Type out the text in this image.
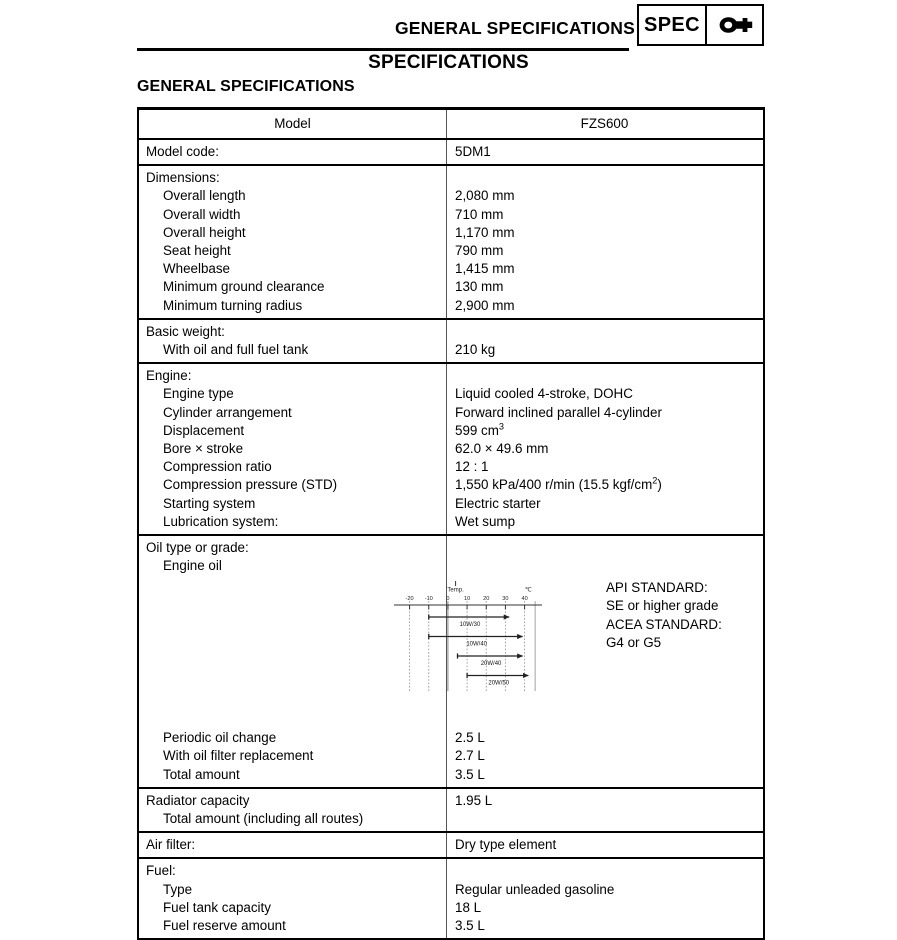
GENERAL SPECIFICATIONS SPEC
SPECIFICATIONS
GENERAL SPECIFICATIONS
Model	FZS600
Model code:	5DM1
Dimensions:
Overall length	2,080 mm
Overall width	710 mm
Overall height	1,170 mm
Seat height	790 mm
Wheelbase	1,415 mm
Minimum ground clearance	130 mm
Minimum turning radius	2,900 mm
Basic weight:
With oil and full fuel tank	210 kg
Engine:
Engine type	Liquid cooled 4-stroke, DOHC
Cylinder arrangement	Forward inclined parallel 4-cylinder
Displacement	599 $cm^3$
Bore × stroke	62.0 × 49.6 mm
Compression ratio	12 : 1
Compression pressure (STD)	1,550 kPa/400 r/min (15.5 kgf/$cm^2$)
Starting system	Electric starter
Lubrication system:	Wet sump
Oil type or grade:
Engine oil
-20 -10 0	10 20 30 40
Temp.	℃
10W/30
10W/40
20W/40
20W/50
API STANDARD:
SE or higher grade
ACEA STANDARD:
G4 or G5
Periodic oil change	2.5 L
With oil filter replacement	2.7 L
Total amount	3.5 L
Radiator capacity	1.95 L
Total amount (including all routes)
Air filter:	Dry type element
Fuel:
Type	Regular unleaded gasoline
Fuel tank capacity	18 L
Fuel reserve amount	3.5 L
